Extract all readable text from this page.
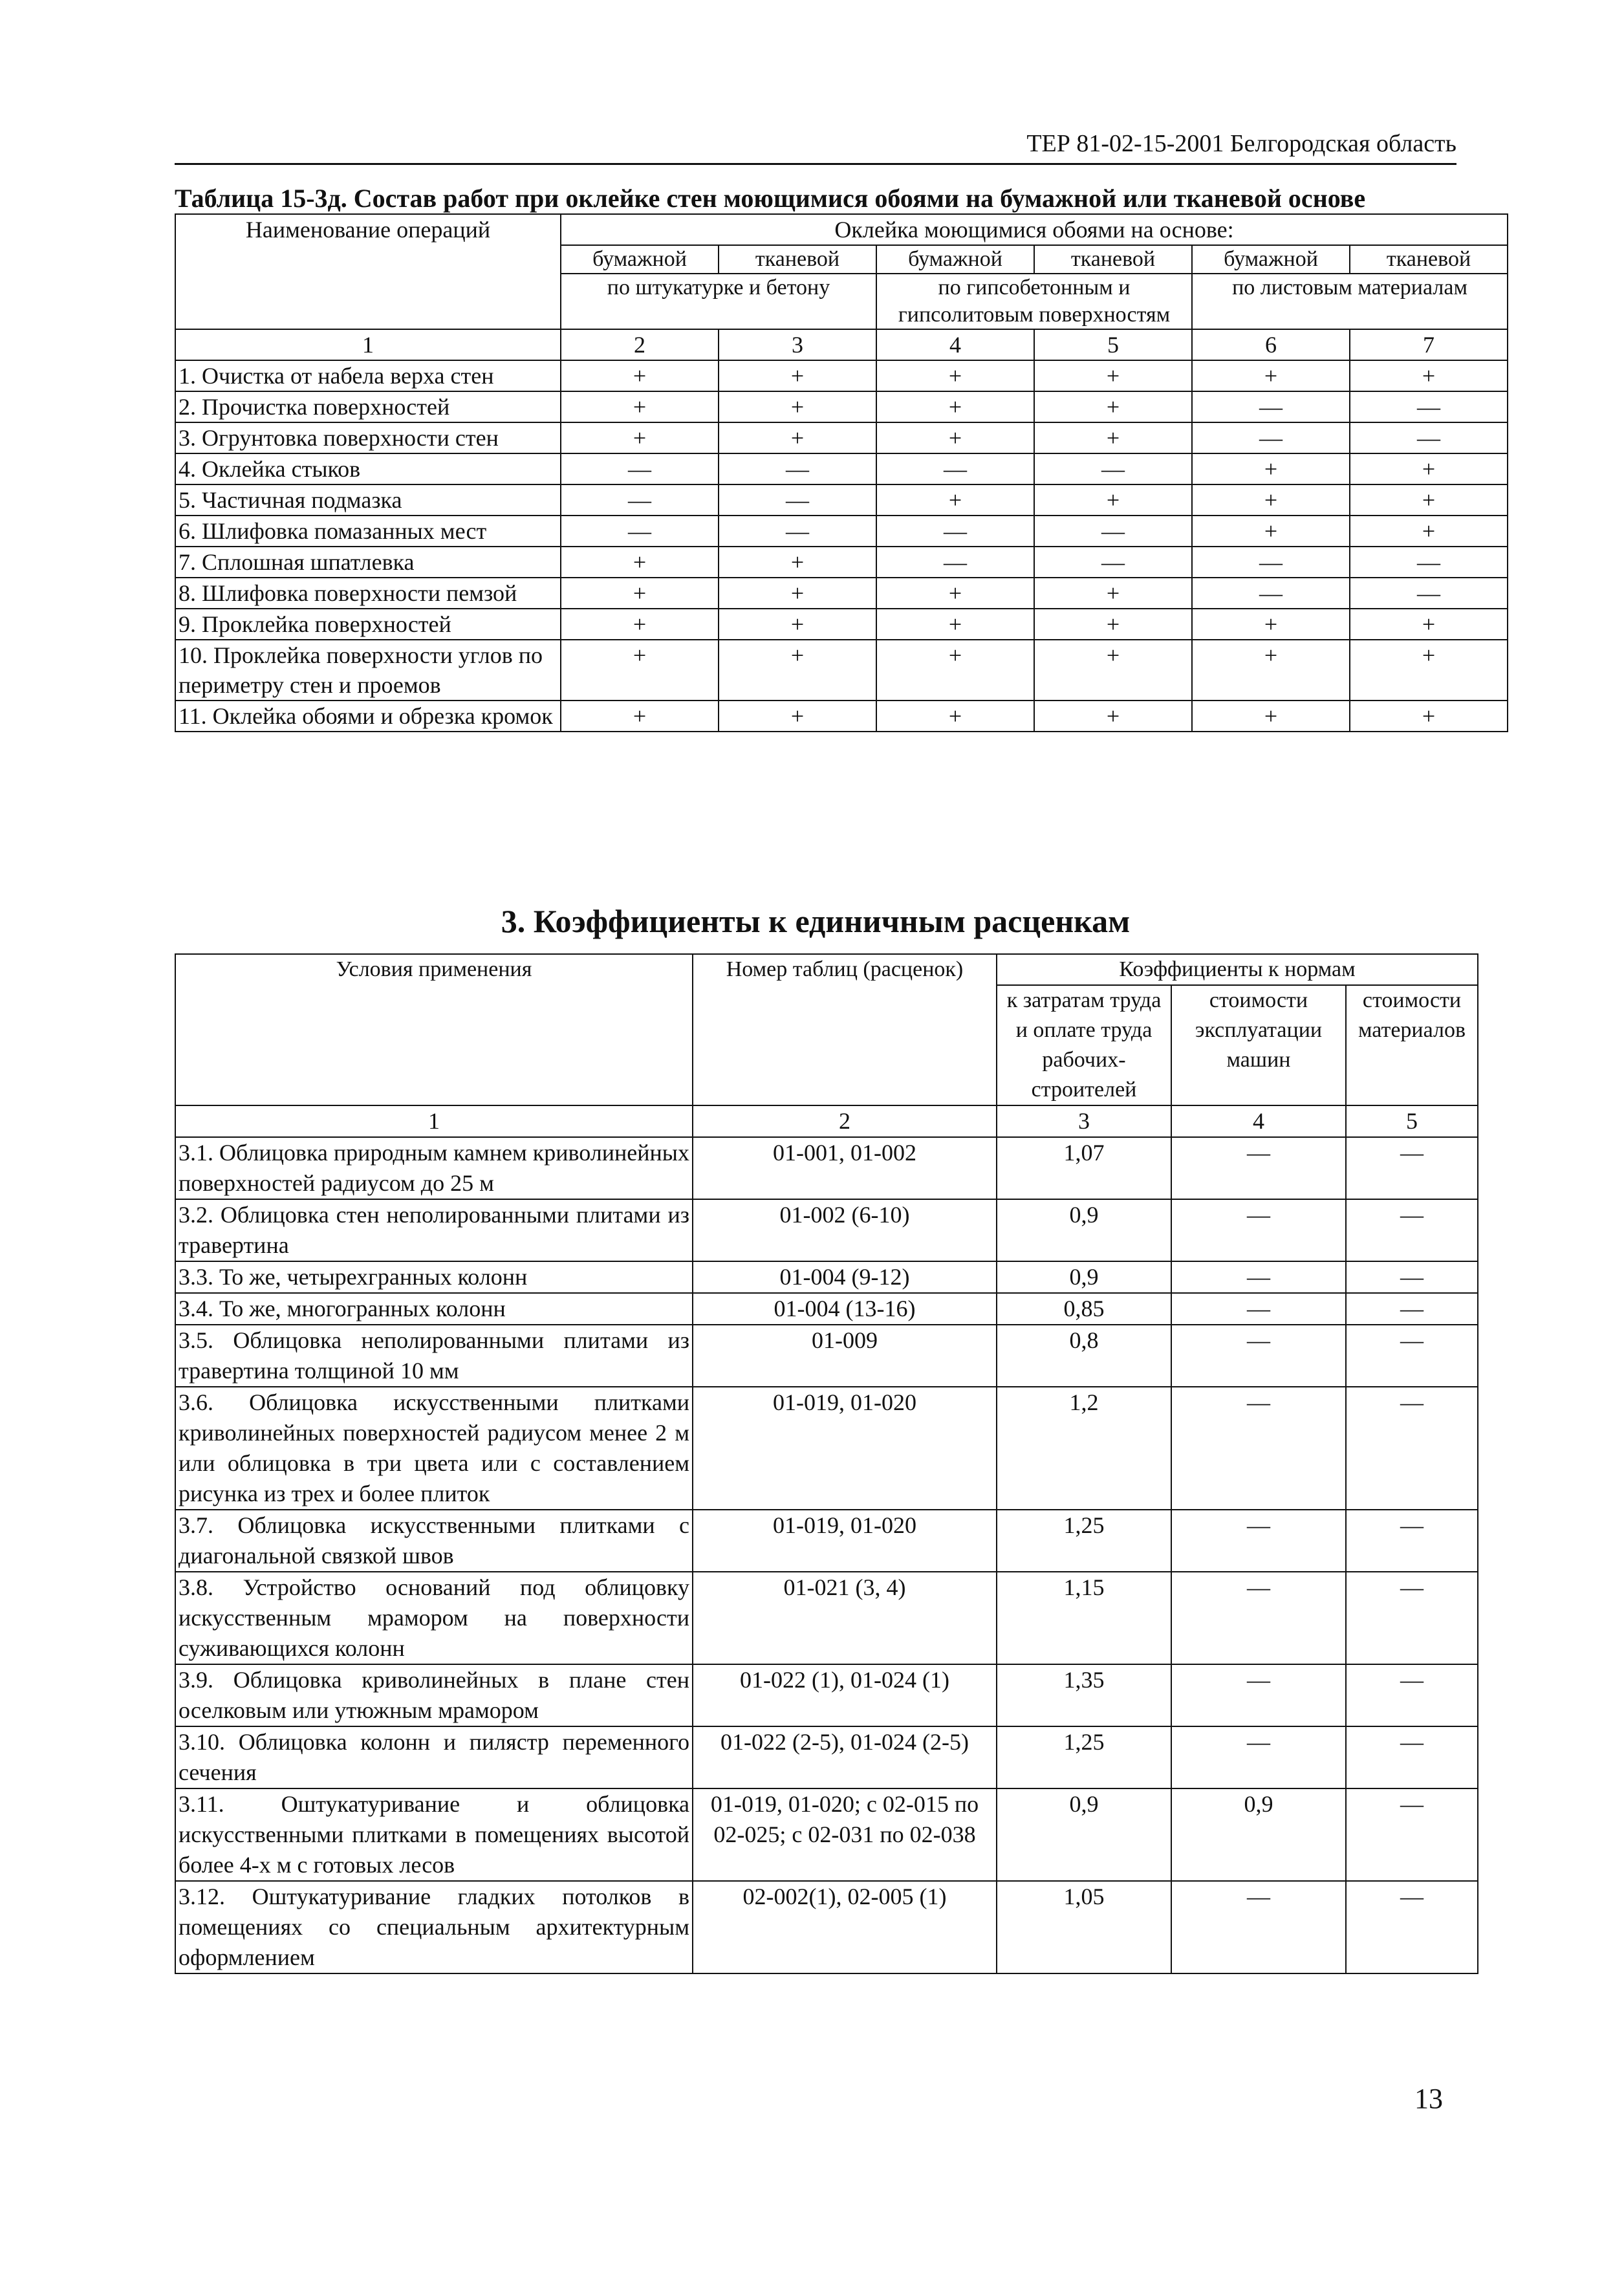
ТЕР 81-02-15-2001 Белгородская область
Таблица 15-3д. Состав работ при оклейке стен моющимися обоями на бумажной или тканевой основе
Наименование операций	Оклейка моющимися обоями на основе:					
	бумажной	тканевой	бумажной	тканевой	бумажной	тканевой
	по штукатурке и бетону		по гипсобетонным и гипсолитовым поверхностям		по листовым материалам	
1	2	3	4	5	6	7
1. Очистка от набела верха стен	+	+	+	+	+	+
2. Прочистка поверхностей	+	+	+	+	—	—
3. Огрунтовка поверхности стен	+	+	+	+	—	—
4. Оклейка стыков	—	—	—	—	+	+
5. Частичная подмазка	—	—	+	+	+	+
6. Шлифовка помазанных мест	—	—	—	—	+	+
7. Сплошная шпатлевка	+	+	—	—	—	—
8. Шлифовка поверхности пемзой	+	+	+	+	—	—
9. Проклейка поверхностей	+	+	+	+	+	+
10. Проклейка поверхности углов по периметру стен и проемов	+	+	+	+	+	+
11. Оклейка обоями и обрезка кромок	+	+	+	+	+	+
3. Коэффициенты к единичным расценкам
Условия применения	Номер таблиц (расценок)	Коэффициенты к нормам		
		к затратам труда и оплате труда рабочих-строителей	стоимости эксплуатации машин	стоимости материалов
1	2	3	4	5
3.1. Облицовка природным камнем криволинейных поверхностей радиусом до 25 м	01-001, 01-002	1,07	—	—
3.2. Облицовка стен неполированными плитами из травертина	01-002 (6-10)	0,9	—	—
3.3. То же, четырехгранных колонн	01-004 (9-12)	0,9	—	—
3.4. То же, многогранных колонн	01-004 (13-16)	0,85	—	—
3.5. Облицовка неполированными плитами из травертина толщиной 10 мм	01-009	0,8	—	—
3.6. Облицовка искусственными плитками криволинейных поверхностей радиусом менее 2 м или облицовка в три цвета или с составлением рисунка из трех и более плиток	01-019, 01-020	1,2	—	—
3.7. Облицовка искусственными плитками с диагональной связкой швов	01-019, 01-020	1,25	—	—
3.8. Устройство оснований под облицовку искусственным мрамором на поверхности суживающихся колонн	01-021 (3, 4)	1,15	—	—
3.9. Облицовка криволинейных в плане стен оселковым или утюжным мрамором	01-022 (1), 01-024 (1)	1,35	—	—
3.10. Облицовка колонн и пилястр переменного сечения	01-022 (2-5), 01-024 (2-5)	1,25	—	—
3.11. Оштукатуривание и облицовка искусственными плитками в помещениях высотой более 4-х м с готовых лесов	01-019, 01-020; с 02-015 по 02-025; с 02-031 по 02-038	0,9	0,9	—
3.12. Оштукатуривание гладких потолков в помещениях со специальным архитектурным оформлением	02-002(1), 02-005 (1)	1,05	—	—
13
